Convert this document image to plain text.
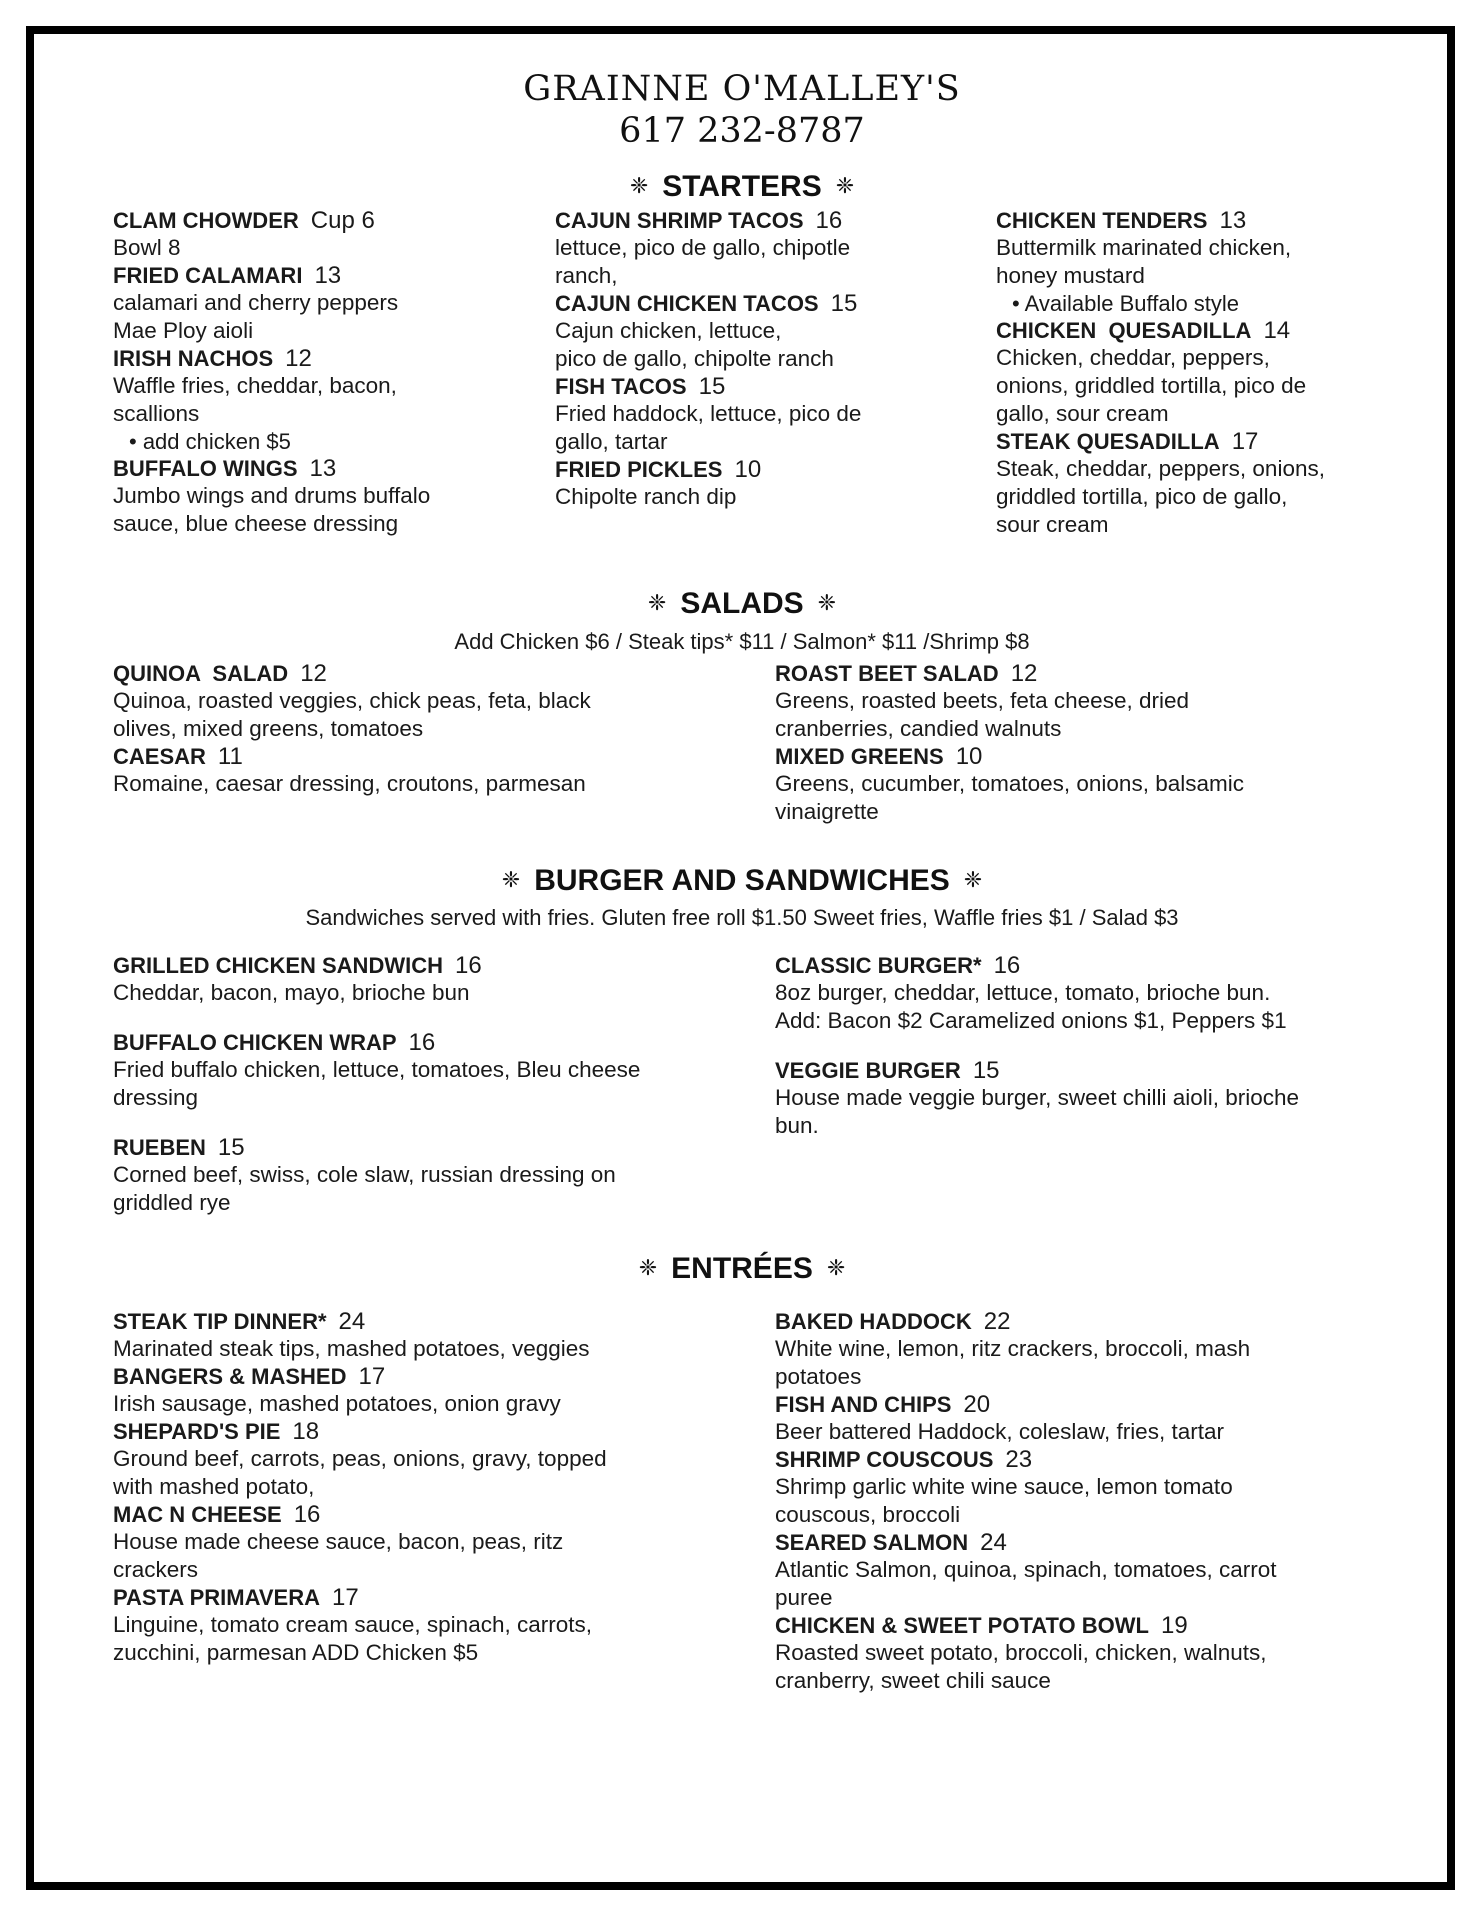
GRAINNE O'MALLEY'S
617 232-8787
❈ STARTERS ❈
CLAM CHOWDER Cup 6
Bowl 8
FRIED CALAMARI 13
calamari and cherry peppers
Mae Ploy aioli
IRISH NACHOS 12
Waffle fries, cheddar, bacon,
scallions
• add chicken $5
BUFFALO WINGS 13
Jumbo wings and drums buffalo
sauce, blue cheese dressing
CAJUN SHRIMP TACOS 16
lettuce, pico de gallo, chipotle
ranch,
CAJUN CHICKEN TACOS 15
Cajun chicken, lettuce,
pico de gallo, chipolte ranch
FISH TACOS 15
Fried haddock, lettuce, pico de
gallo, tartar
FRIED PICKLES 10
Chipolte ranch dip
CHICKEN TENDERS 13
Buttermilk marinated chicken,
honey mustard
• Available Buffalo style
CHICKEN  QUESADILLA 14
Chicken, cheddar, peppers,
onions, griddled tortilla, pico de
gallo, sour cream
STEAK QUESADILLA 17
Steak, cheddar, peppers, onions,
griddled tortilla, pico de gallo,
sour cream
❈ SALADS ❈
Add Chicken $6 / Steak tips* $11 / Salmon* $11 /Shrimp $8
QUINOA  SALAD 12
Quinoa, roasted veggies, chick peas, feta, black
olives, mixed greens, tomatoes
CAESAR 11
Romaine, caesar dressing, croutons, parmesan
ROAST BEET SALAD 12
Greens, roasted beets, feta cheese, dried
cranberries, candied walnuts
MIXED GREENS 10
Greens, cucumber, tomatoes, onions, balsamic
vinaigrette
❈ BURGER AND SANDWICHES ❈
Sandwiches served with fries. Gluten free roll $1.50 Sweet fries, Waffle fries $1 / Salad $3
GRILLED CHICKEN SANDWICH 16
Cheddar, bacon, mayo, brioche bun
BUFFALO CHICKEN WRAP 16
Fried buffalo chicken, lettuce, tomatoes, Bleu cheese
dressing
RUEBEN 15
Corned beef, swiss, cole slaw, russian dressing on
griddled rye
CLASSIC BURGER* 16
8oz burger, cheddar, lettuce, tomato, brioche bun.
Add: Bacon $2 Caramelized onions $1, Peppers $1
VEGGIE BURGER 15
House made veggie burger, sweet chilli aioli, brioche
bun.
❈ ENTRÉES ❈
STEAK TIP DINNER* 24
Marinated steak tips, mashed potatoes, veggies
BANGERS & MASHED 17
Irish sausage, mashed potatoes, onion gravy
SHEPARD'S PIE 18
Ground beef, carrots, peas, onions, gravy, topped
with mashed potato,
MAC N CHEESE 16
House made cheese sauce, bacon, peas, ritz
crackers
PASTA PRIMAVERA 17
Linguine, tomato cream sauce, spinach, carrots,
zucchini, parmesan ADD Chicken $5
BAKED HADDOCK 22
White wine, lemon, ritz crackers, broccoli, mash
potatoes
FISH AND CHIPS 20
Beer battered Haddock, coleslaw, fries, tartar
SHRIMP COUSCOUS 23
Shrimp garlic white wine sauce, lemon tomato
couscous, broccoli
SEARED SALMON 24
Atlantic Salmon, quinoa, spinach, tomatoes, carrot
puree
CHICKEN & SWEET POTATO BOWL 19
Roasted sweet potato, broccoli, chicken, walnuts,
cranberry, sweet chili sauce
